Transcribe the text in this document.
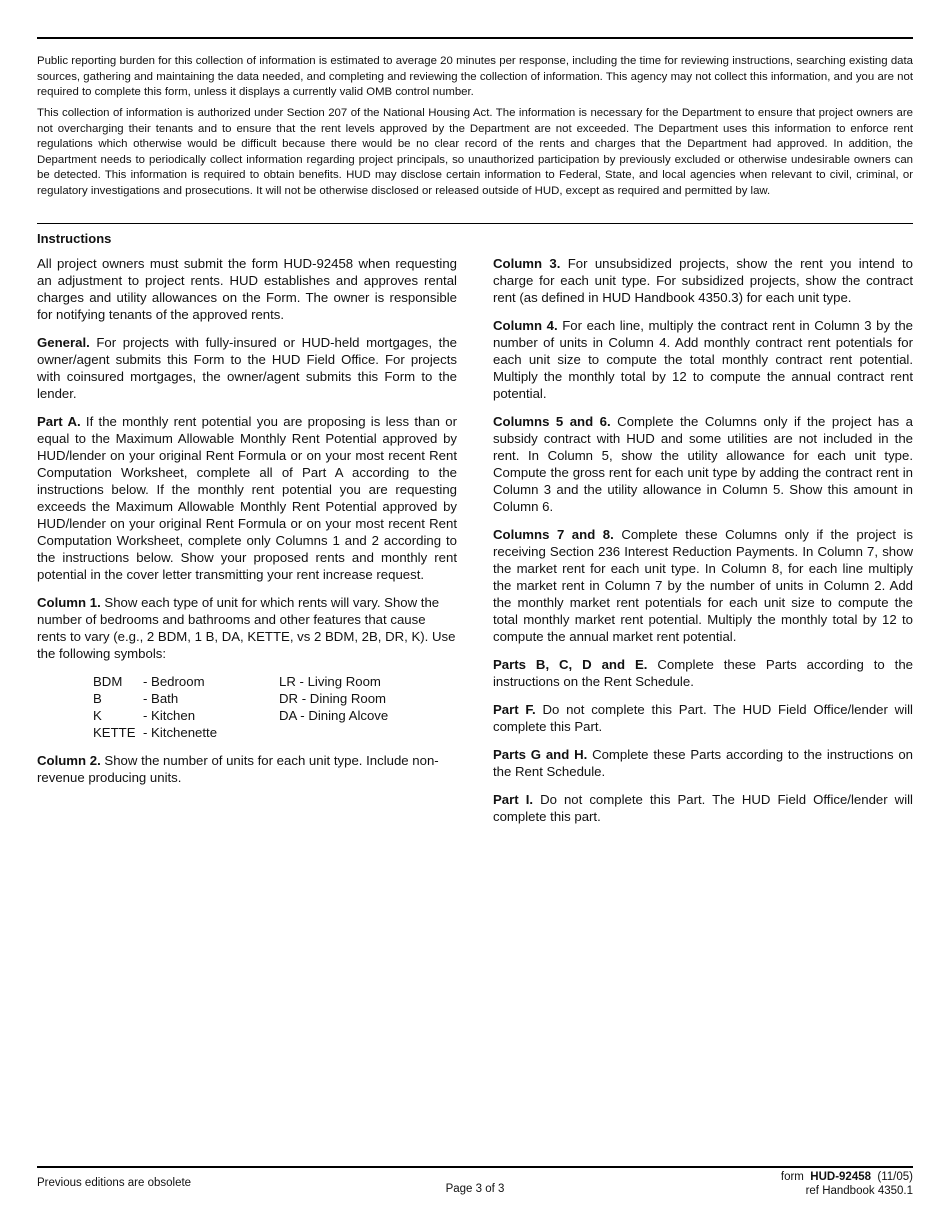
Public reporting burden for this collection of information is estimated to average 20 minutes per response, including the time for reviewing instructions, searching existing data sources, gathering and maintaining the data needed, and completing and reviewing the collection of information. This agency may not collect this information, and you are not required to complete this form, unless it displays a currently valid OMB control number.

This collection of information is authorized under Section 207 of the National Housing Act. The information is necessary for the Department to ensure that project owners are not overcharging their tenants and to ensure that the rent levels approved by the Department are not exceeded. The Department uses this information to enforce rent regulations which otherwise would be difficult because there would be no clear record of the rents and charges that the Department had approved. In addition, the Department needs to periodically collect information regarding project principals, so unauthorized participation by previously excluded or otherwise undesirable owners can be detected. This information is required to obtain benefits. HUD may disclose certain information to Federal, State, and local agencies when relevant to civil, criminal, or regulatory investigations and prosecutions. It will not be otherwise disclosed or released outside of HUD, except as required and permitted by law.

Instructions

All project owners must submit the form HUD-92458 when requesting an adjustment to project rents. HUD establishes and approves rental charges and utility allowances on the Form. The owner is responsible for notifying tenants of the approved rents.

General. For projects with fully-insured or HUD-held mortgages, the owner/agent submits this Form to the HUD Field Office. For projects with coinsured mortgages, the owner/agent submits this Form to the lender.

Part A. If the monthly rent potential you are proposing is less than or equal to the Maximum Allowable Monthly Rent Potential approved by HUD/lender on your original Rent Formula or on your most recent Rent Computation Worksheet, complete all of Part A according to the instructions below. If the monthly rent potential you are requesting exceeds the Maximum Allowable Monthly Rent Potential approved by HUD/lender on your original Rent Formula or on your most recent Rent Computation Worksheet, complete only Columns 1 and 2 according to the instructions below. Show your proposed rents and monthly rent potential in the cover letter transmitting your rent increase request.

Column 1. Show each type of unit for which rents will vary. Show the number of bedrooms and bathrooms and other features that cause rents to vary (e.g., 2 BDM, 1 B, DA, KETTE, vs 2 BDM, 2B, DR, K). Use the following symbols:

BDM	- Bedroom	LR - Living Room
B	- Bath	DR - Dining Room
K	- Kitchen	DA - Dining Alcove
KETTE	- Kitchenette	

Column 2. Show the number of units for each unit type. Include non-revenue producing units.

Column 3. For unsubsidized projects, show the rent you intend to charge for each unit type. For subsidized projects, show the contract rent (as defined in HUD Handbook 4350.3) for each unit type.

Column 4. For each line, multiply the contract rent in Column 3 by the number of units in Column 4. Add monthly contract rent potentials for each unit size to compute the total monthly contract rent potential. Multiply the monthly total by 12 to compute the annual contract rent potential.

Columns 5 and 6. Complete the Columns only if the project has a subsidy contract with HUD and some utilities are not included in the rent. In Column 5, show the utility allowance for each unit type. Compute the gross rent for each unit type by adding the contract rent in Column 3 and the utility allowance in Column 5. Show this amount in Column 6.

Columns 7 and 8. Complete these Columns only if the project is receiving Section 236 Interest Reduction Payments. In Column 7, show the market rent for each unit type. In Column 8, for each line multiply the market rent in Column 7 by the number of units in Column 2. Add the monthly market rent potentials for each unit size to compute the total monthly market rent potential. Multiply the monthly total by 12 to compute the annual market rent potential.

Parts B, C, D and E. Complete these Parts according to the instructions on the Rent Schedule.

Part F. Do not complete this Part. The HUD Field Office/lender will complete this Part.

Parts G and H. Complete these Parts according to the instructions on the Rent Schedule.

Part I. Do not complete this Part. The HUD Field Office/lender will complete this part.

Previous editions are obsolete	Page 3 of 3
form HUD-92458 (11/05)
ref Handbook 4350.1
